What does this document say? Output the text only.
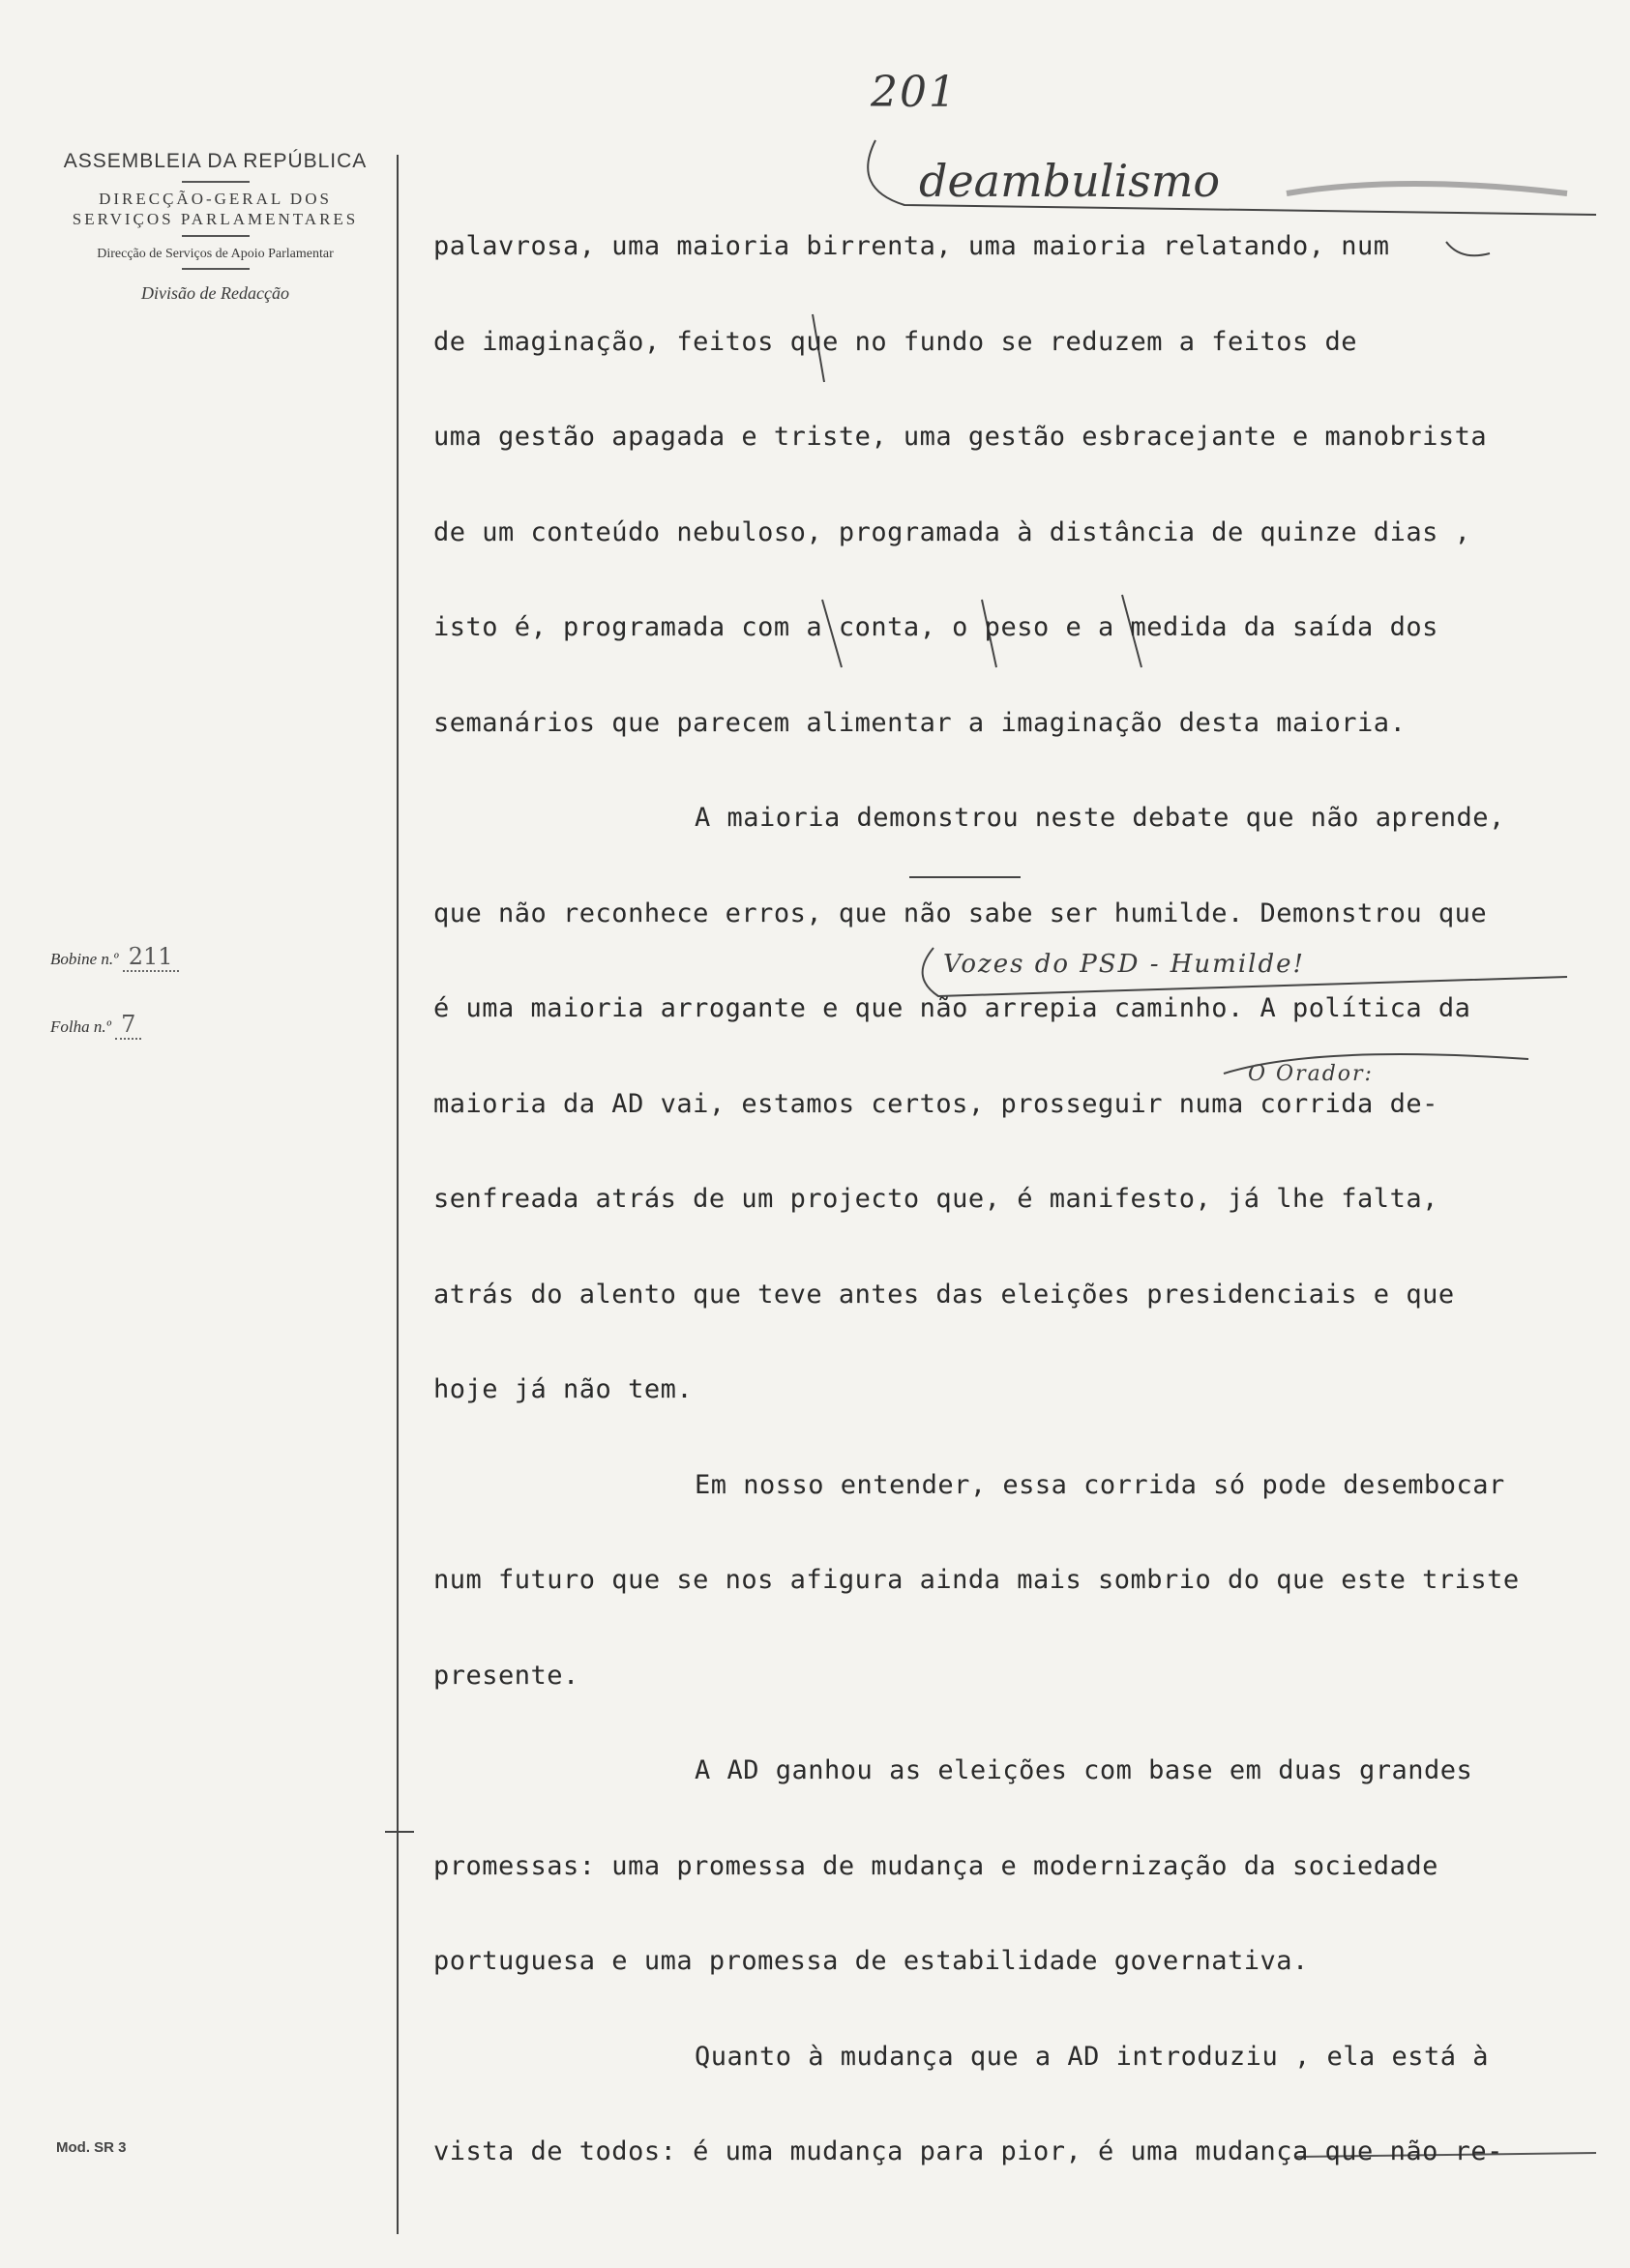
ASSEMBLEIA DA REPÚBLICA
DIRECÇÃO-GERAL DOS
SERVIÇOS PARLAMENTARES
Direcção de Serviços de Apoio Parlamentar
Divisão de Redacção
Bobine n.º 211
Folha n.º 7
Mod. SR 3
201
deambulismo
Vozes do PSD - Humilde!
O Orador:
palavrosa, uma maioria birrenta, uma maioria relatando, num
de imaginação, feitos que no fundo se reduzem a feitos de
uma gestão apagada e triste, uma gestão esbracejante e manobrista
de um conteúdo nebuloso, programada à distância de quinze dias ,
isto é, programada com a conta, o peso e a medida da saída dos
semanários que parecem alimentar a imaginação desta maioria.
A maioria demonstrou neste debate que não aprende,
que não reconhece erros, que não sabe ser humilde. Demonstrou que
é uma maioria arrogante e que não arrepia caminho. A política da
maioria da AD vai, estamos certos, prosseguir numa corrida de-
senfreada atrás de um projecto que, é manifesto, já lhe falta,
atrás do alento que teve antes das eleições presidenciais e que
hoje já não tem.
Em nosso entender, essa corrida só pode desembocar
num futuro que se nos afigura ainda mais sombrio do que este triste
presente.
A AD ganhou as eleições com base em duas grandes
promessas: uma promessa de mudança e modernização da sociedade
portuguesa e uma promessa de estabilidade governativa.
Quanto à mudança que a AD introduziu , ela está à
vista de todos: é uma mudança para pior, é uma mudança que não re-
